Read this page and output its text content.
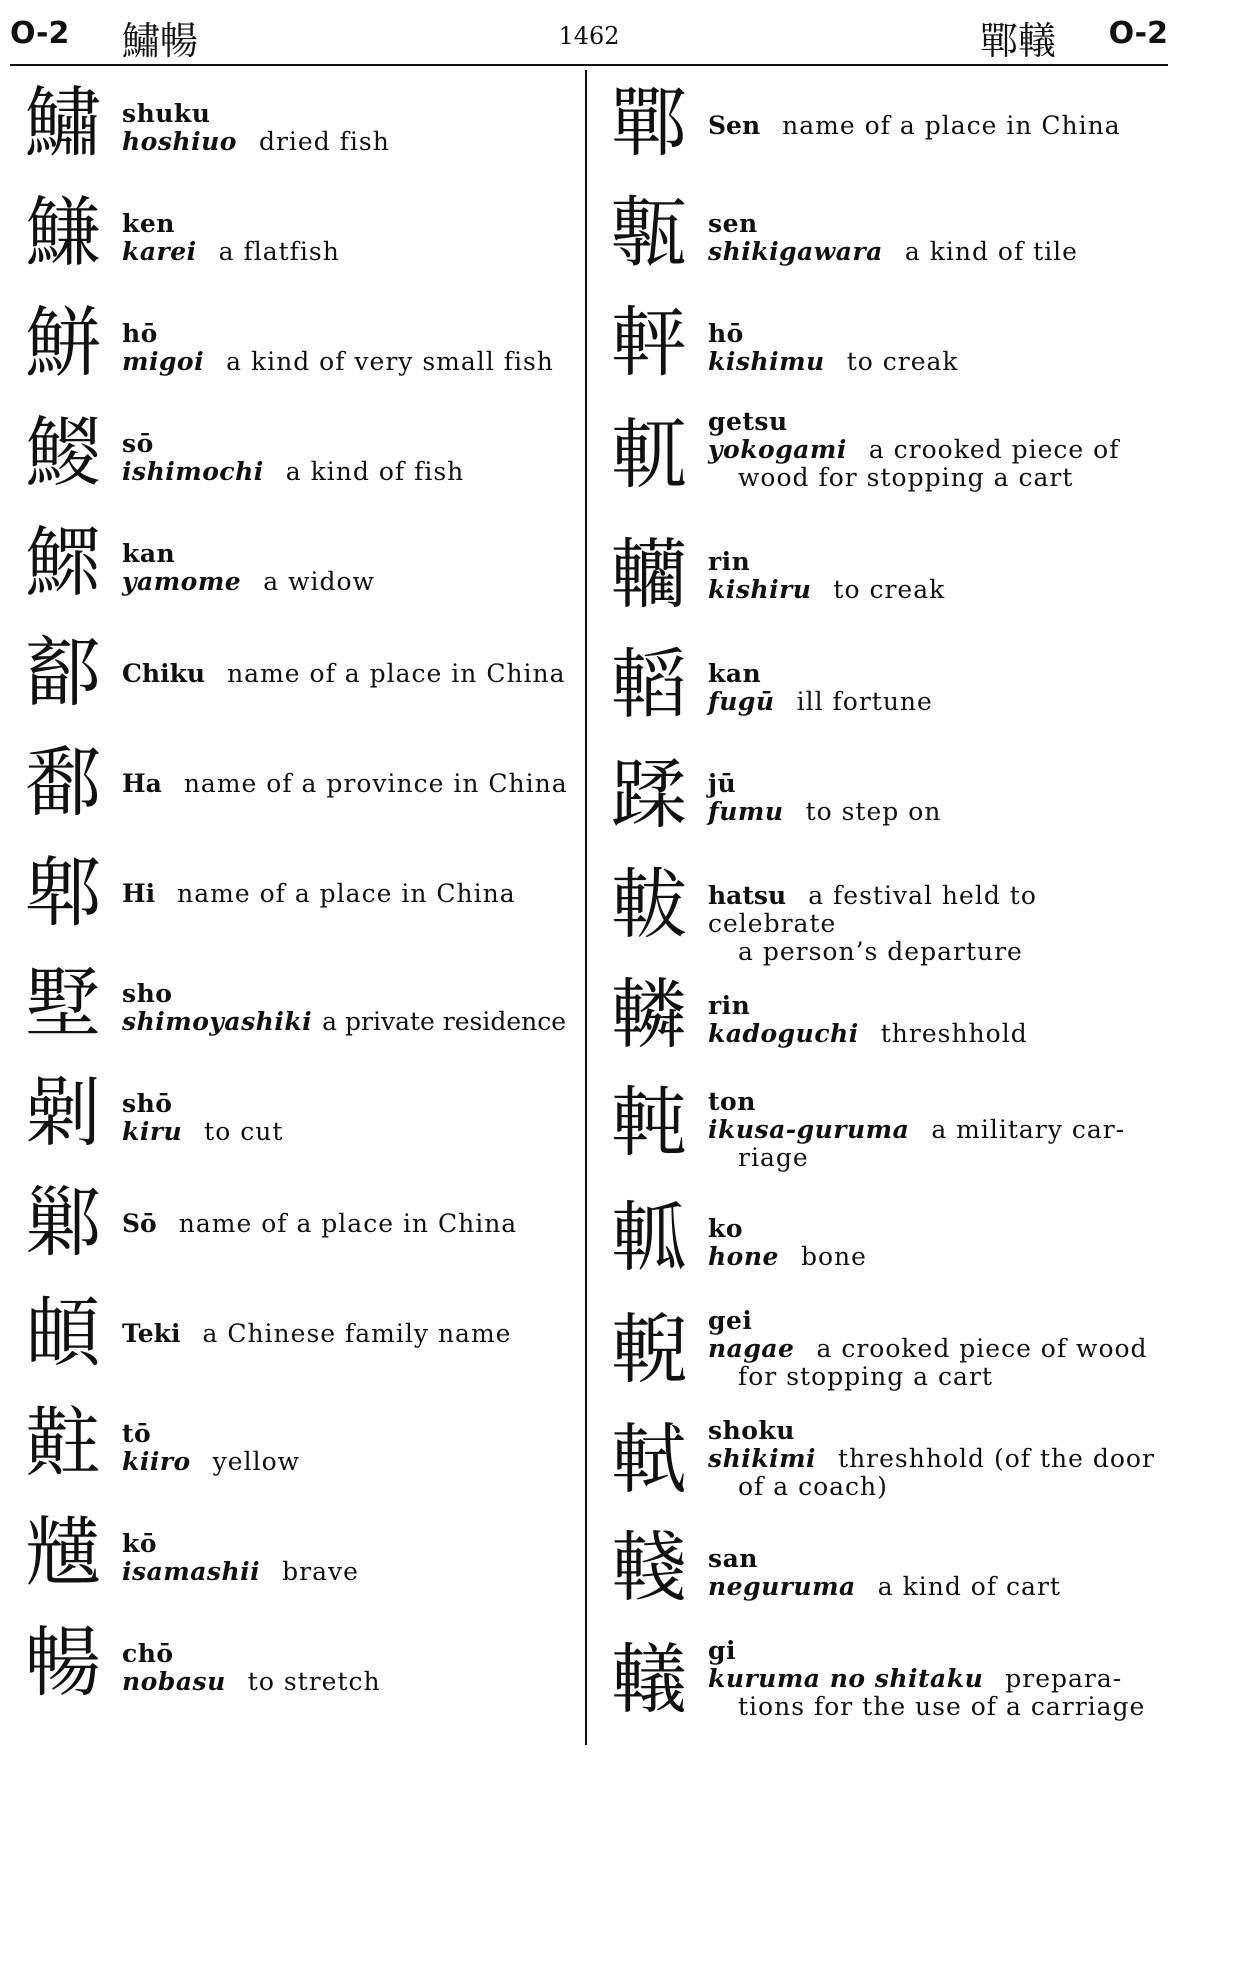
O-2 鱐暢	1462	鄲轙 O-2
鱐 shuku
hoshiuo dried fish
鰜 ken
karei a flatfish
鮩 hō
migoi a kind of very small fish
鯼 sō
ishimochi a kind of fish
鰥 kan
yamome a widow
鄐 Chiku name of a place in China
鄱 Ha name of a province in China
郫 Hi name of a place in China
墅 sho
shimoyashiki a private residence
劋 shō
kiru to cut
鄛 Sō name of a place in China
頔 Teki a Chinese family name
黈 tō
kiiro yellow
黋 kō
isamashii brave
暢 chō
nobasu to stretch
鄲 Sen name of a place in China
甎 sen
shikigawara a kind of tile
軯 hō
kishimu to creak
軏 getsu
yokogami a crooked piece of
wood for stopping a cart
轥 rin
kishiru to creak
轁 kan
fugū ill fortune
蹂 jū
fumu to step on
軷 hatsu a festival held to celebrate
a person’s departure
轔 rin
kadoguchi threshhold
軘 ton
ikusa-guruma a military car-
riage
軱 ko
hone bone
輗 gei
nagae a crooked piece of wood
for stopping a cart
軾 shoku
shikimi threshhold (of the door
of a coach)
輚 san
neguruma a kind of cart
轙 gi
kuruma no shitaku prepara-
tions for the use of a carriage
